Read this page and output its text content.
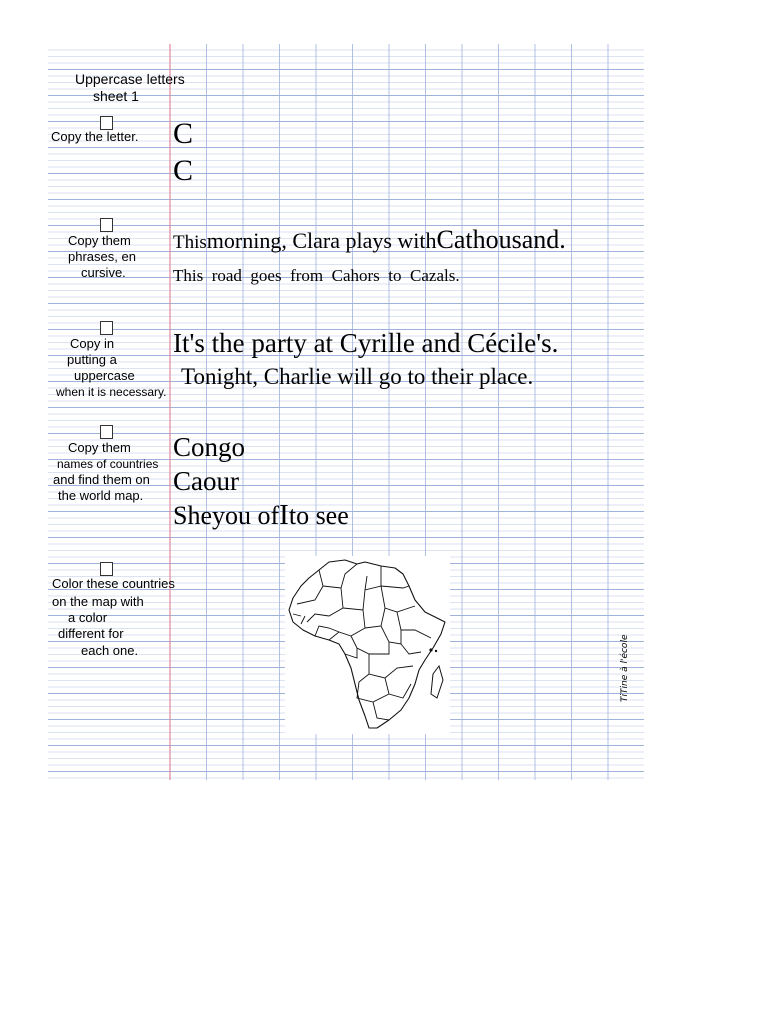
Uppercase letters
sheet 1
Copy the letter. C
C
Copy them
phrases, en
cursive.
Thismorning, Clara plays withCathousand.
This  road  goes  from  Cahors  to  Cazals.
Copy in
putting a
uppercase
when it is necessary.
It's the party at Cyrille and Cécile's.
Tonight, Charlie will go to their place.
Copy them
names of countries
and find them on
the world map.
Congo
Caour
Sheyou ofIto see
Color these countries
on the map with
a color
different for
each one.	TiTine à l'école
